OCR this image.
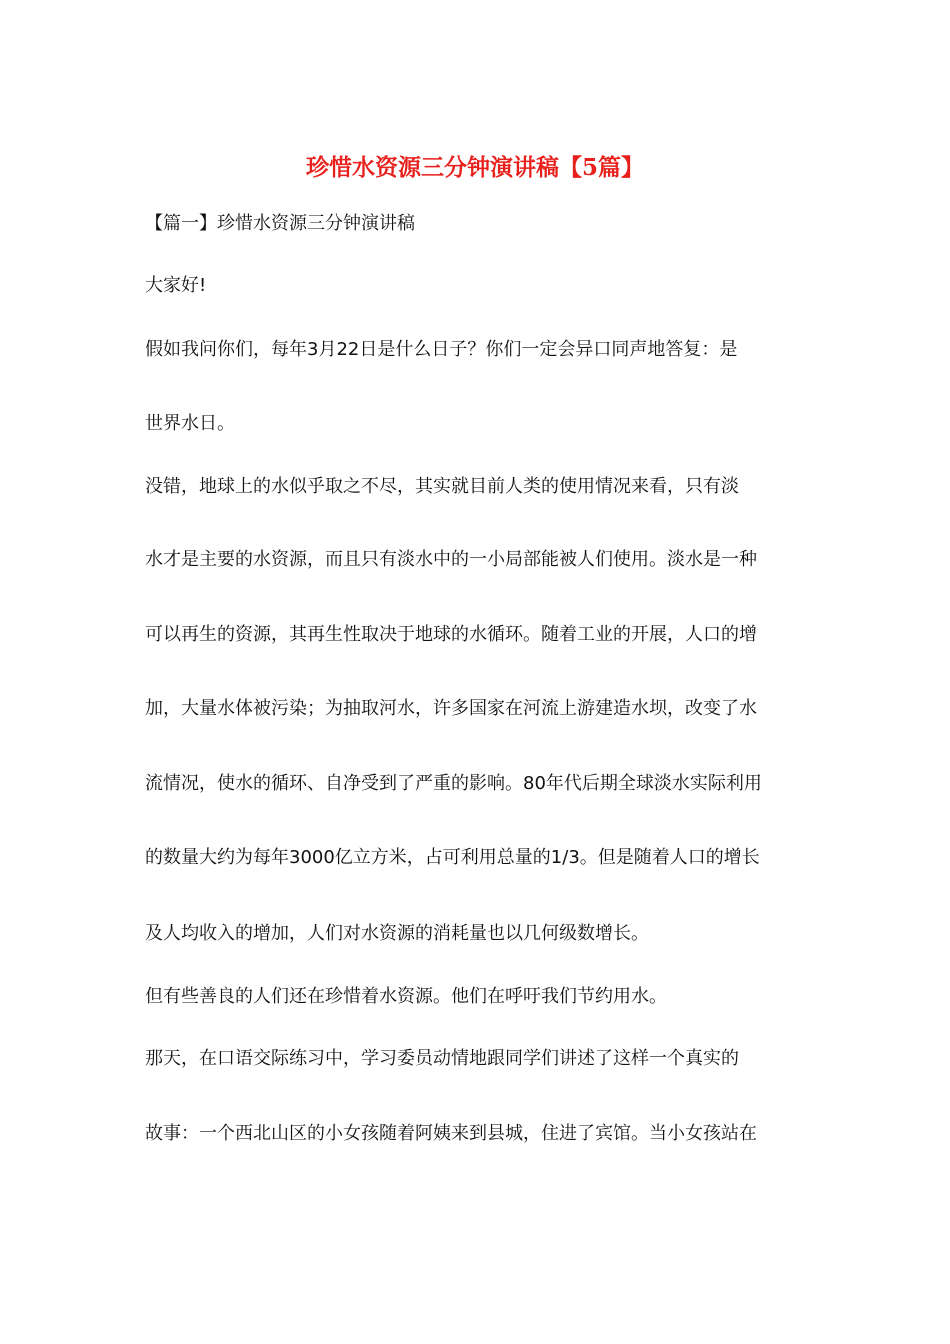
珍惜水资源三分钟演讲稿【5篇】

【篇一】珍惜水资源三分钟演讲稿

大家好!

假如我问你们，每年3月22日是什么日子？你们一定会异口同声地答复：是

世界水日。

没错，地球上的水似乎取之不尽，其实就目前人类的使用情况来看，只有淡

水才是主要的水资源，而且只有淡水中的一小局部能被人们使用。淡水是一种

可以再生的资源，其再生性取决于地球的水循环。随着工业的开展，人口的增

加，大量水体被污染；为抽取河水，许多国家在河流上游建造水坝，改变了水

流情况，使水的循环、自净受到了严重的影响。80年代后期全球淡水实际利用

的数量大约为每年3000亿立方米，占可利用总量的1/3。但是随着人口的增长

及人均收入的增加，人们对水资源的消耗量也以几何级数增长。

但有些善良的人们还在珍惜着水资源。他们在呼吁我们节约用水。

那天，在口语交际练习中，学习委员动情地跟同学们讲述了这样一个真实的

故事：一个西北山区的小女孩随着阿姨来到县城，住进了宾馆。当小女孩站在
